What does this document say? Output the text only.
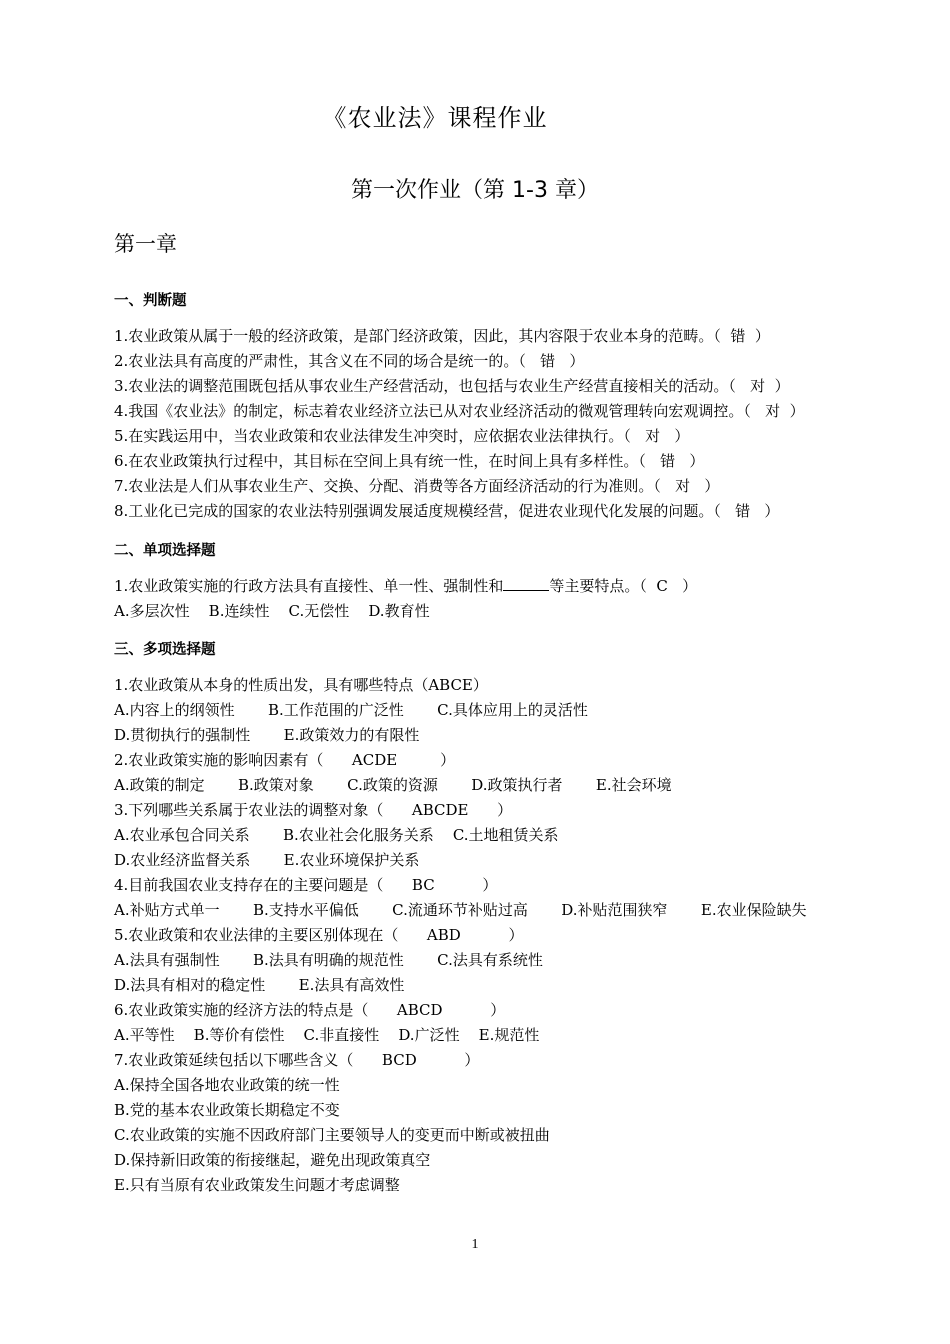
《农业法》课程作业
第一次作业（第 1-3 章）
第一章
一、判断题
1.农业政策从属于一般的经济政策，是部门经济政策，因此，其内容限于农业本身的范畴。（  错  ）
2.农业法具有高度的严肃性，其含义在不同的场合是统一的。（   错   ）
3.农业法的调整范围既包括从事农业生产经营活动，也包括与农业生产经营直接相关的活动。（   对  ）
4.我国《农业法》的制定，标志着农业经济立法已从对农业经济活动的微观管理转向宏观调控。（   对  ）
5.在实践运用中，当农业政策和农业法律发生冲突时，应依据农业法律执行。（   对   ）
6.在农业政策执行过程中，其目标在空间上具有统一性，在时间上具有多样性。（   错   ）
7.农业法是人们从事农业生产、交换、分配、消费等各方面经济活动的行为准则。（   对   ）
8.工业化已完成的国家的农业法特别强调发展适度规模经营，促进农业现代化发展的问题。（   错   ）
二、单项选择题
1.农业政策实施的行政方法具有直接性、单一性、强制性和	等主要特点。（  C   ）
A.多层次性    B.连续性    C.无偿性    D.教育性
三、多项选择题
1.农业政策从本身的性质出发，具有哪些特点（ABCE）
A.内容上的纲领性       B.工作范围的广泛性       C.具体应用上的灵活性
D.贯彻执行的强制性       E.政策效力的有限性
2.农业政策实施的影响因素有（      ACDE         ）
A.政策的制定       B.政策对象       C.政策的资源       D.政策执行者       E.社会环境
3.下列哪些关系属于农业法的调整对象（      ABCDE      ）
A.农业承包合同关系       B.农业社会化服务关系    C.土地租赁关系
D.农业经济监督关系       E.农业环境保护关系
4.目前我国农业支持存在的主要问题是（      BC          ）
A.补贴方式单一       B.支持水平偏低       C.流通环节补贴过高       D.补贴范围狭窄       E.农业保险缺失
5.农业政策和农业法律的主要区别体现在（      ABD          ）
A.法具有强制性       B.法具有明确的规范性       C.法具有系统性
D.法具有相对的稳定性       E.法具有高效性
6.农业政策实施的经济方法的特点是（      ABCD          ）
A.平等性    B.等价有偿性    C.非直接性    D.广泛性    E.规范性
7.农业政策延续包括以下哪些含义（      BCD          ）
A.保持全国各地农业政策的统一性
B.党的基本农业政策长期稳定不变
C.农业政策的实施不因政府部门主要领导人的变更而中断或被扭曲
D.保持新旧政策的衔接继起，避免出现政策真空
E.只有当原有农业政策发生问题才考虑调整
1
